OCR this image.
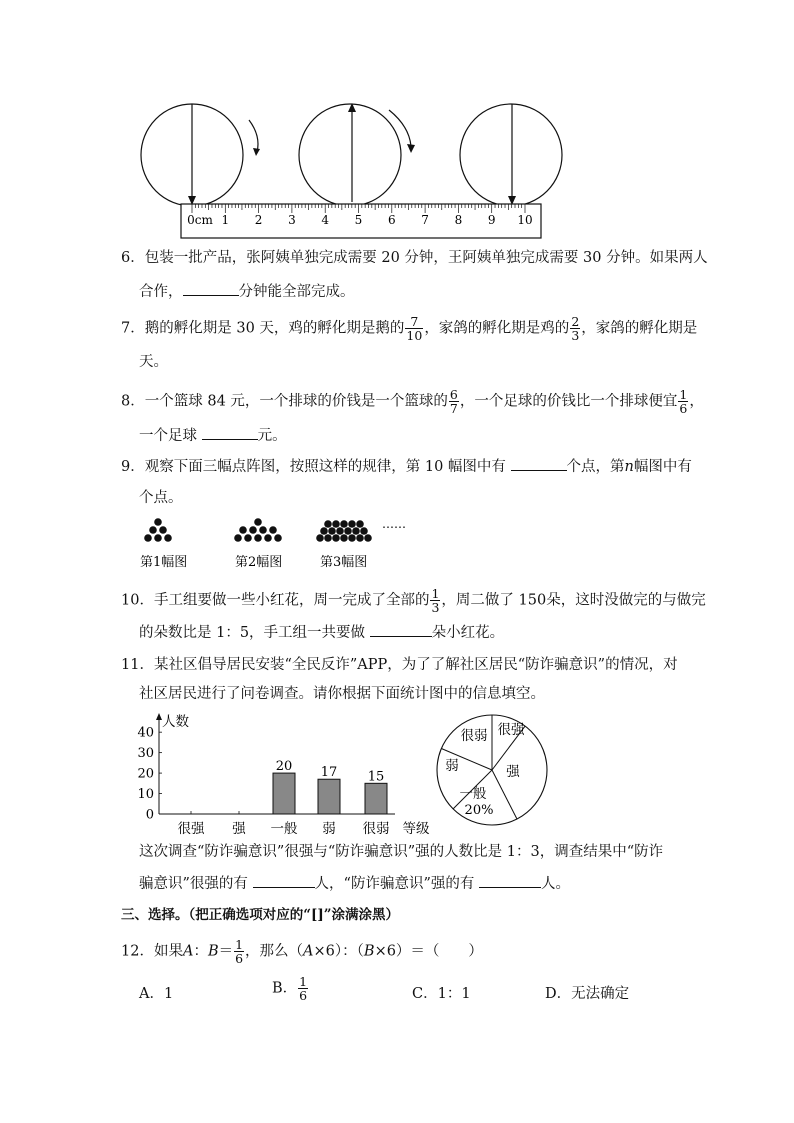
0cm 1 2 3 4 5 6 7 8 9 10
6．包装一批产品，张阿姨单独完成需要 20 分钟，王阿姨单独完成需要 30 分钟。如果两人
合作，	分钟能全部完成。
7．鹅的孵化期是 30 天，鸡的孵化期是鹅的 $\frac{7}{10}$ ，家鸽的孵化期是鸡的 $\frac{2}{3}$ ，家鸽的孵化期是
天。
8．一个篮球 84 元，一个排球的价钱是一个篮球的 $\frac{6}{7}$ ，一个足球的价钱比一个排球便宜 $\frac{1}{6}$ ，
一个足球	元。
9．观察下面三幅点阵图，按照这样的规律，第 10 幅图中有	个点，第n幅图中有
个点。
……
第1幅图	第2幅图	第3幅图
10．手工组要做一些小红花，周一完成了全部的 $\frac{1}{3}$ ，周二做了 150朵，这时没做完的与做完
的朵数比是 1：5，手工组一共要做	朵小红花。
11．某社区倡导居民安装“全民反诈”APP，为了了解社区居民“防诈骗意识”的情况，对
社区居民进行了问卷调查。请你根据下面统计图中的信息填空。
人数
0
10
20
30
40
很强 强
20
一般
17
弱
15
很弱 等级
很强
强
一般
弱
很弱
20%
这次调查“防诈骗意识”很强与“防诈骗意识”强的人数比是 1：3，调查结果中“防诈
骗意识”很强的有	人，“防诈骗意识”强的有	人。
三、选择。（把正确选项对应的“[]”涂满涂黑）
12．如果A：$B= \frac{1}{6}$ ，那么（A×6）：（B×6）＝（　　）
A．1	B． $\frac{1}{6}$	C．1：1	D．无法确定
